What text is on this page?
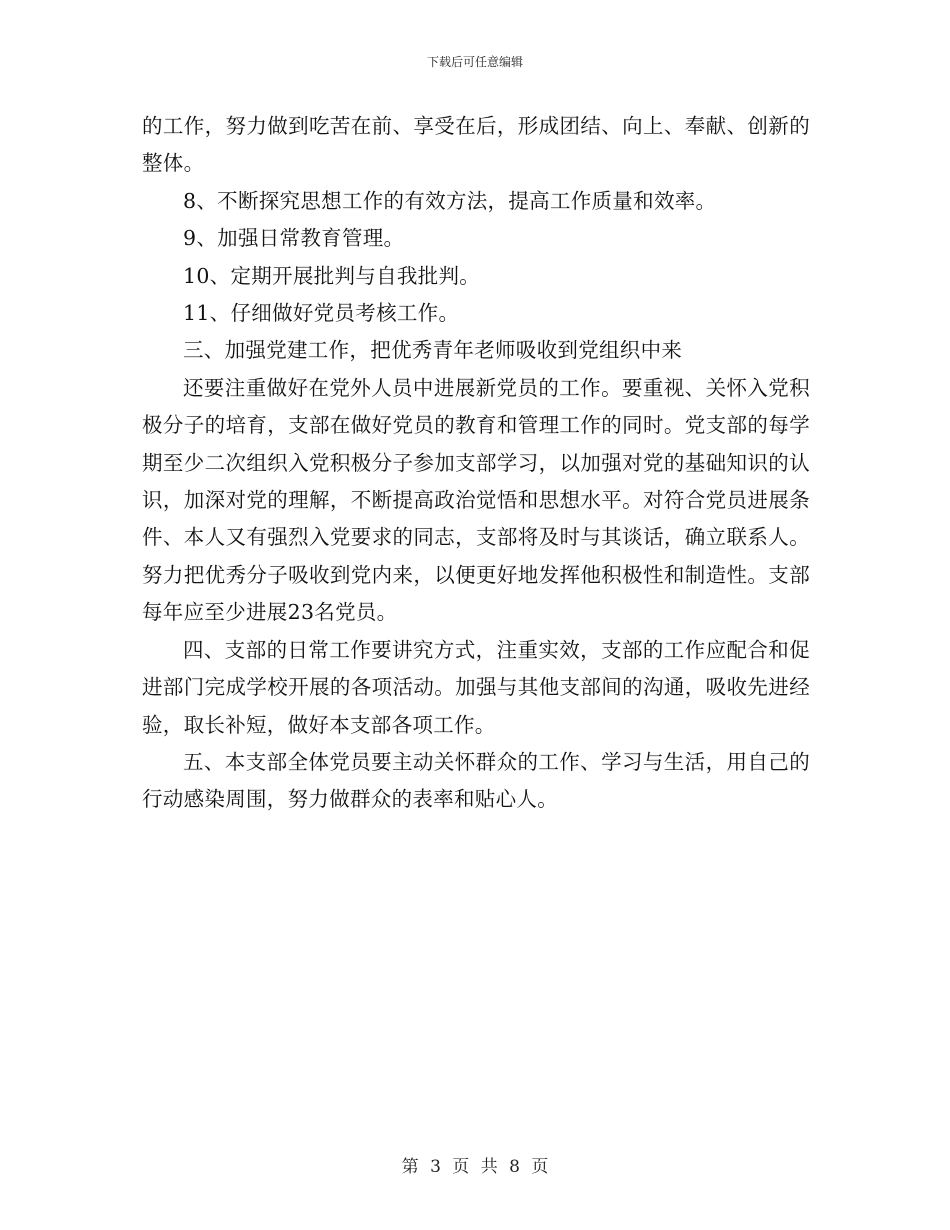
下载后可任意编辑

的工作，努力做到吃苦在前、享受在后，形成团结、向上、奉献、创新的整体。

8、不断探究思想工作的有效方法，提高工作质量和效率。

9、加强日常教育管理。

10、定期开展批判与自我批判。

11、仔细做好党员考核工作。

三、加强党建工作，把优秀青年老师吸收到党组织中来

还要注重做好在党外人员中进展新党员的工作。要重视、关怀入党积极分子的培育，支部在做好党员的教育和管理工作的同时。党支部的每学期至少二次组织入党积极分子参加支部学习，以加强对党的基础知识的认识，加深对党的理解，不断提高政治觉悟和思想水平。对符合党员进展条件、本人又有强烈入党要求的同志，支部将及时与其谈话，确立联系人。努力把优秀分子吸收到党内来，以便更好地发挥他积极性和制造性。支部每年应至少进展23名党员。

四、支部的日常工作要讲究方式，注重实效，支部的工作应配合和促进部门完成学校开展的各项活动。加强与其他支部间的沟通，吸收先进经验，取长补短，做好本支部各项工作。

五、本支部全体党员要主动关怀群众的工作、学习与生活，用自己的行动感染周围，努力做群众的表率和贴心人。

第 3 页 共 8 页
